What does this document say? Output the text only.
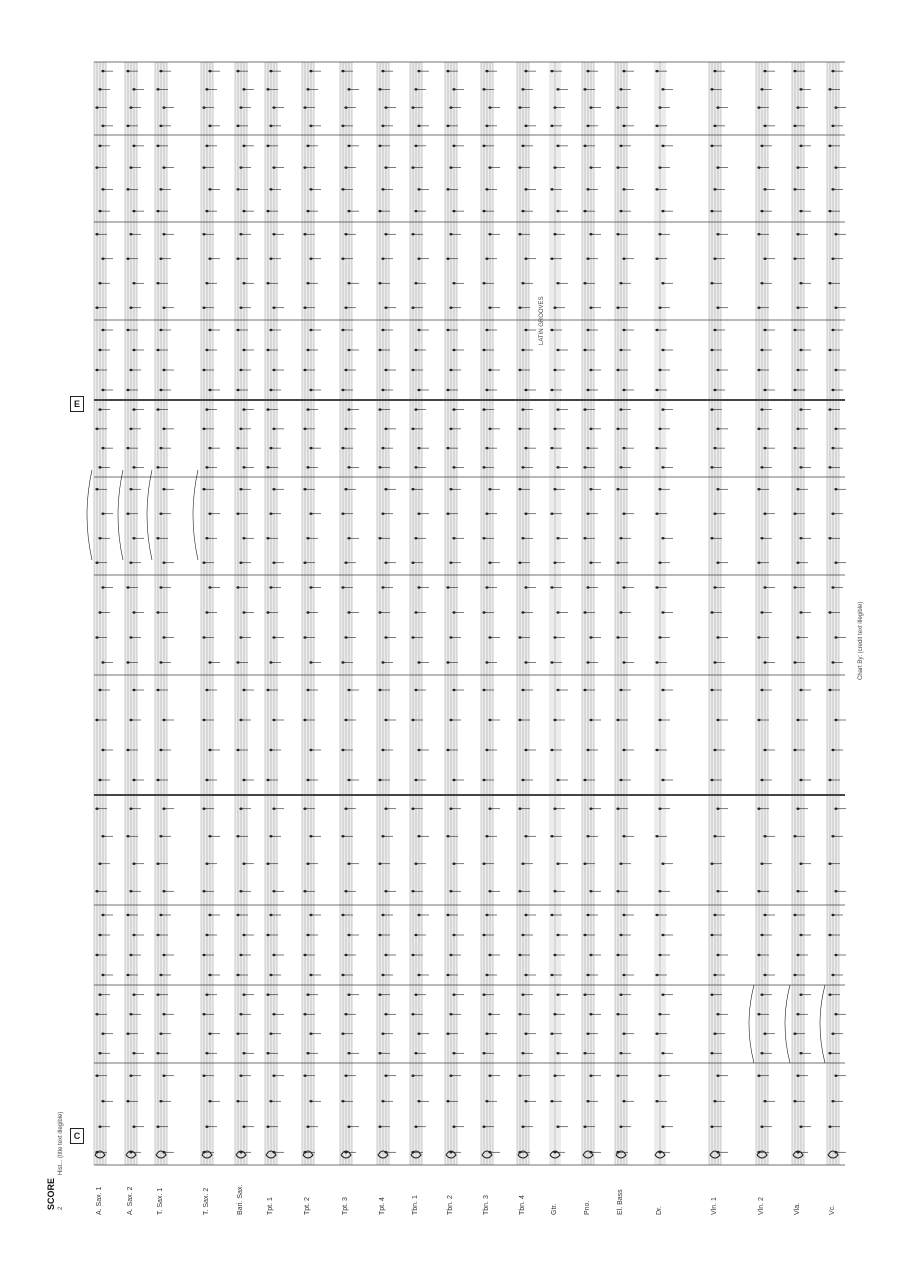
SCORE
Hist... (title text illegible)
2
C
E
A. Sax. 1	A. Sax. 2	T. Sax. 1	T. Sax. 2	Bari. Sax.	Tpt. 1	Tpt. 2	Tpt. 3	Tpt. 4	Tbn. 1	Tbn. 2	Tbn. 3	Tbn. 4	Gtr.	Pno.	El. Bass	Dr.	Vln. 1	Vln. 2	Vla.	Vc.
LATIN GROOVES
Chart By: (credit text illegible)
